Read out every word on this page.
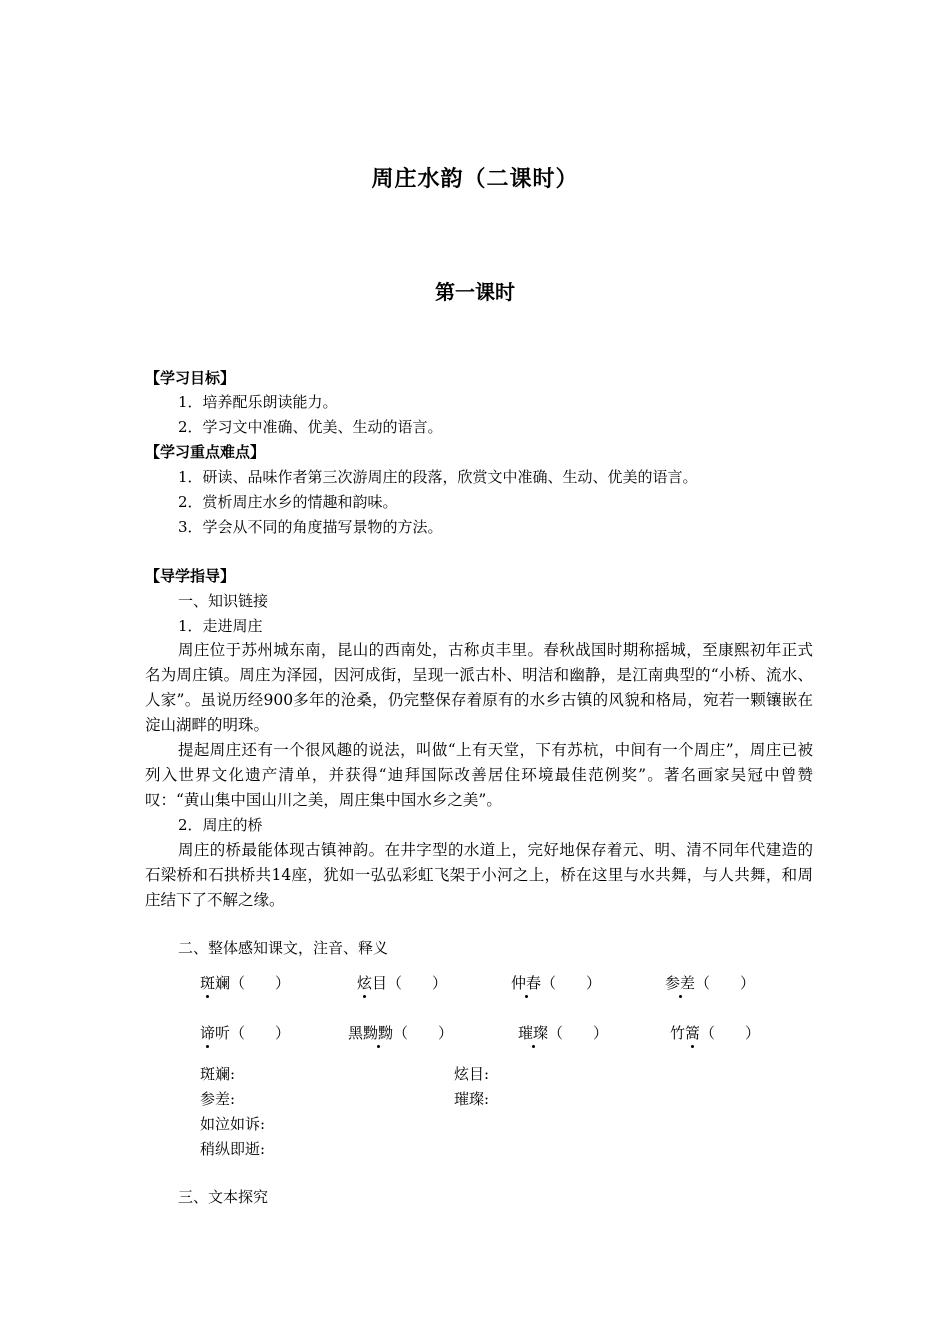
周庄水韵（二课时）
第一课时
【学习目标】
1．培养配乐朗读能力。
2．学习文中准确、优美、生动的语言。
【学习重点难点】
1．研读、品味作者第三次游周庄的段落，欣赏文中准确、生动、优美的语言。
2．赏析周庄水乡的情趣和韵味。
3．学会从不同的角度描写景物的方法。
【导学指导】
一、知识链接
1．走进周庄
周庄位于苏州城东南，昆山的西南处，古称贞丰里。春秋战国时期称摇城，至康熙初年正式名为周庄镇。周庄为泽园，因河成街，呈现一派古朴、明洁和幽静，是江南典型的“小桥、流水、人家”。虽说历经900多年的沧桑，仍完整保存着原有的水乡古镇的风貌和格局，宛若一颗镶嵌在淀山湖畔的明珠。
提起周庄还有一个很风趣的说法，叫做“上有天堂，下有苏杭，中间有一个周庄”，周庄已被列入世界文化遗产清单，并获得“迪拜国际改善居住环境最佳范例奖”。著名画家吴冠中曾赞叹：“黄山集中国山川之美，周庄集中国水乡之美”。
2．周庄的桥
周庄的桥最能体现古镇神韵。在井字型的水道上，完好地保存着元、明、清不同年代建造的石梁桥和石拱桥共14座，犹如一弘弘彩虹飞架于小河之上，桥在这里与水共舞，与人共舞，和周庄结下了不解之缘。
二、整体感知课文，注音、释义
斑斓（　　）	炫目（　　）	仲春（　　）	参差（　　）
谛听（　　）	黑黝黝（　　）	璀璨（　　）	竹篙（　　）
斑斓:	炫目:
参差:	璀璨:
如泣如诉:
稍纵即逝:
三、文本探究
